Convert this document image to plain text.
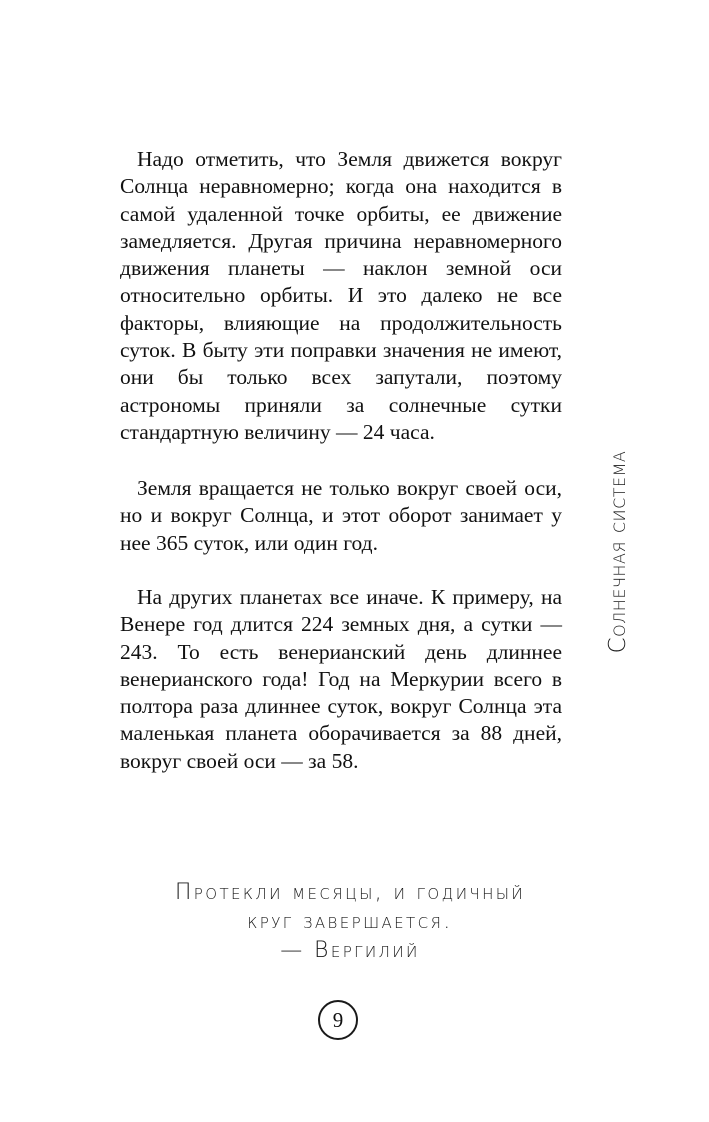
Надо отметить, что Земля движется вокруг Солнца неравномерно; когда она находится в самой удаленной точке орбиты, ее движение замедляется. Другая причина неравномерного движения планеты — наклон земной оси относительно орбиты. И это далеко не все факторы, влияющие на продолжительность суток. В быту эти поправки значения не имеют, они бы только всех запутали, поэтому астрономы приняли за солнечные сутки стандартную величину — 24 часа.

Земля вращается не только вокруг своей оси, но и вокруг Солнца, и этот оборот занимает у нее 365 суток, или один год.

На других планетах все иначе. К примеру, на Венере год длится 224 земных дня, а сутки — 243. То есть венерианский день длиннее венерианского года! Год на Меркурии всего в полтора раза длиннее суток, вокруг Солнца эта маленькая планета оборачивается за 88 дней, вокруг своей оси — за 58.

Солнечная система
Протекли месяцы, и годичный
круг завершается.
— Вергилий
9
